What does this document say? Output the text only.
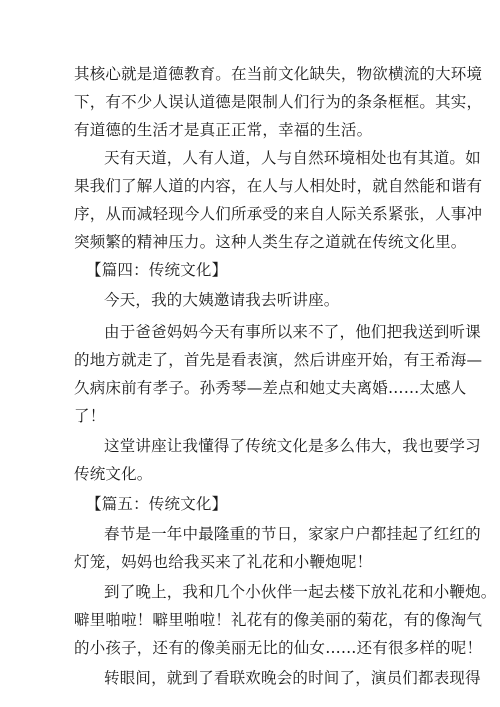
其核心就是道德教育。在当前文化缺失，物欲横流的大环境
下，有不少人误认道德是限制人们行为的条条框框。其实，
有道德的生活才是真正正常，幸福的生活。
天有天道，人有人道，人与自然环境相处也有其道。如
果我们了解人道的内容，在人与人相处时，就自然能和谐有
序，从而减轻现今人们所承受的来自人际关系紧张，人事冲
突频繁的精神压力。这种人类生存之道就在传统文化里。
【篇四：传统文化】
今天，我的大姨邀请我去听讲座。
由于爸爸妈妈今天有事所以来不了，他们把我送到听课
的地方就走了，首先是看表演，然后讲座开始，有王希海—
久病床前有孝子。孙秀琴—差点和她丈夫离婚……太感人
了！
这堂讲座让我懂得了传统文化是多么伟大，我也要学习
传统文化。
【篇五：传统文化】
春节是一年中最隆重的节日，家家户户都挂起了红红的
灯笼，妈妈也给我买来了礼花和小鞭炮呢！
到了晚上，我和几个小伙伴一起去楼下放礼花和小鞭炮。
噼里啪啦！噼里啪啦！礼花有的像美丽的菊花，有的像淘气
的小孩子，还有的像美丽无比的仙女……还有很多样的呢！
转眼间，就到了看联欢晚会的时间了，演员们都表现得
